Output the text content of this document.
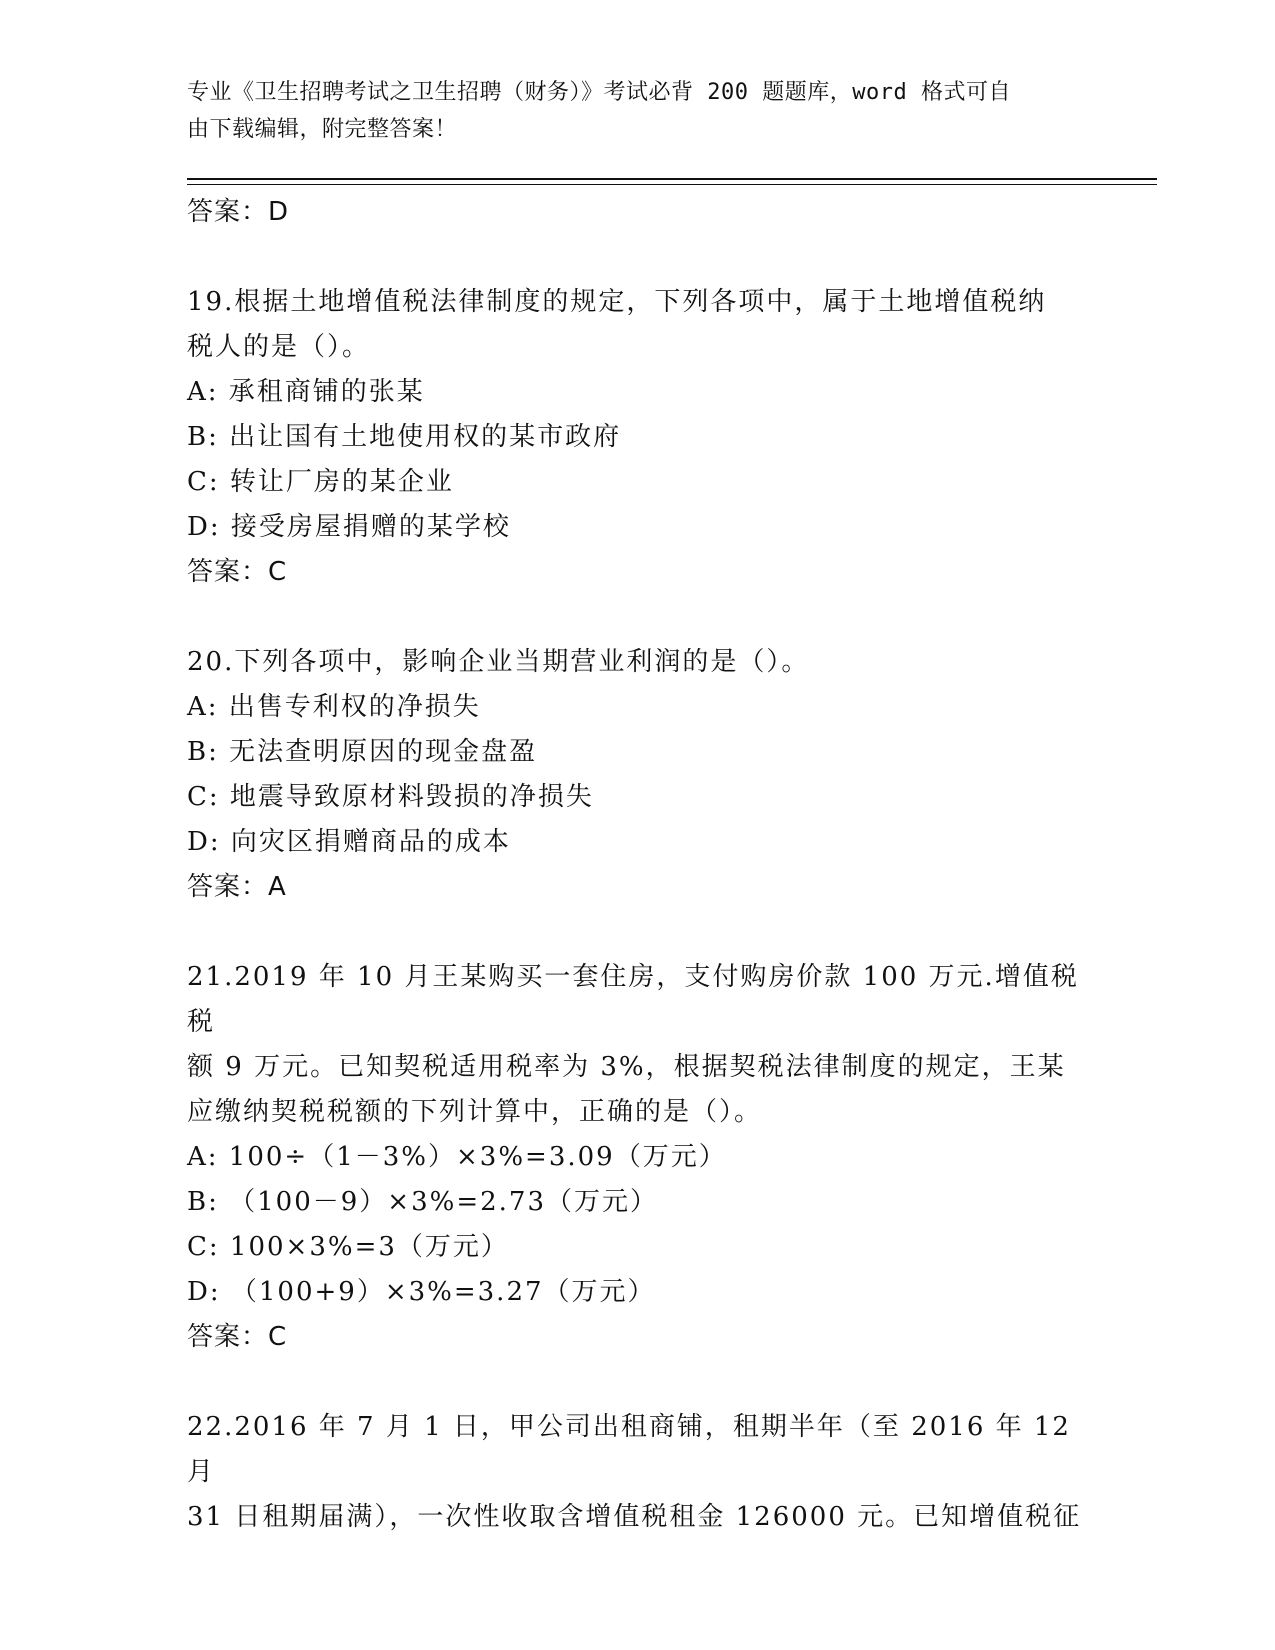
专业《卫生招聘考试之卫生招聘（财务）》考试必背 200 题题库，word 格式可自
由下载编辑，附完整答案！
答案：D
19.根据土地增值税法律制度的规定，下列各项中，属于土地增值税纳
税人的是（）。
A: 承租商铺的张某
B: 出让国有土地使用权的某市政府
C: 转让厂房的某企业
D: 接受房屋捐赠的某学校
答案：C
20.下列各项中，影响企业当期营业利润的是（）。
A: 出售专利权的净损失
B: 无法查明原因的现金盘盈
C: 地震导致原材料毁损的净损失
D: 向灾区捐赠商品的成本
答案：A
21.2019 年 10 月王某购买一套住房，支付购房价款 100 万元.增值税税
额 9 万元。已知契税适用税率为 3%，根据契税法律制度的规定，王某
应缴纳契税税额的下列计算中，正确的是（）。
A: 100÷（1－3%）×3%=3.09（万元）
B: （100－9）×3%=2.73（万元）
C: 100×3%=3（万元）
D: （100+9）×3%=3.27（万元）
答案：C
22.2016 年 7 月 1 日，甲公司出租商铺，租期半年（至 2016 年 12 月
31 日租期届满），一次性收取含增值税租金 126000 元。已知增值税征
